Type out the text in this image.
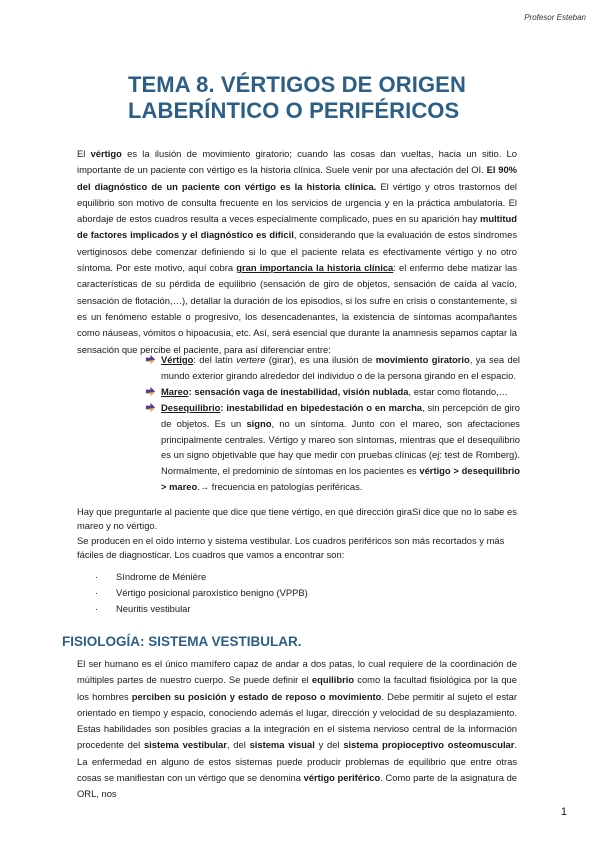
Profesor Esteban
TEMA 8. VÉRTIGOS DE ORIGEN
LABERÍNTICO O PERIFÉRICOS

El vértigo es la ilusión de movimiento giratorio; cuando las cosas dan vueltas, hacia un sitio. Lo importante de un paciente con vértigo es la historia clínica. Suele venir por una afectación del OI. El 90% del diagnóstico de un paciente con vértigo es la historia clínica. El vértigo y otros trastornos del equilibrio son motivo de consulta frecuente en los servicios de urgencia y en la práctica ambulatoria. El abordaje de estos cuadros resulta a veces especialmente complicado, pues en su aparición hay multitud de factores implicados y el diagnóstico es difícil, considerando que la evaluación de estos síndromes vertiginosos debe comenzar definiendo si lo que el paciente relata es efectivamente vértigo y no otro síntoma. Por este motivo, aquí cobra gran importancia la historia clínica: el enfermo debe matizar las características de su pérdida de equilibrio (sensación de giro de objetos, sensación de caída al vacío, sensación de flotación,…), detallar la duración de los episodios, si los sufre en crisis o constantemente, si es un fenómeno estable o progresivo, los desencadenantes, la existencia de síntomas acompañantes como náuseas, vómitos o hipoacusia, etc. Así, será esencial que durante la anamnesis sepamos captar la sensación que percibe el paciente, para así diferenciar entre:

Vértigo: del latín vertere (girar), es una ilusión de movimiento giratorio, ya sea del mundo exterior girando alrededor del individuo o de la persona girando en el espacio.
Mareo: sensación vaga de inestabilidad, visión nublada, estar como flotando,…
Desequilibrio: inestabilidad en bipedestación o en marcha, sin percepción de giro de objetos. Es un signo, no un síntoma. Junto con el mareo, son afectaciones principalmente centrales. Vértigo y mareo son síntomas, mientras que el desequilibrio es un signo objetivable que hay que medir con pruebas clínicas (ej: test de Romberg). Normalmente, el predominio de síntomas en los pacientes es vértigo > desequilibrio > mareo.→ frecuencia en patologías periféricas.
Hay que preguntarle al paciente que dice que tiene vértigo, en qué dirección giraSi dice que no lo sabe es mareo y no vértigo.
Se producen en el oído interno y sistema vestibular. Los cuadros periféricos son más recortados y más fáciles de diagnosticar. Los cuadros que vamos a encontrar son:
· Síndrome de Ménière
· Vértigo posicional paroxístico benigno (VPPB)
· Neuritis vestibular
FISIOLOGÍA: SISTEMA VESTIBULAR.

El ser humano es el único mamífero capaz de andar a dos patas, lo cual requiere de la coordinación de múltiples partes de nuestro cuerpo. Se puede definir el equilibrio como la facultad fisiológica por la que los hombres perciben su posición y estado de reposo o movimiento. Debe permitir al sujeto el estar orientado en tiempo y espacio, conociendo además el lugar, dirección y velocidad de su desplazamiento. Estas habilidades son posibles gracias a la integración en el sistema nervioso central de la información procedente del sistema vestibular, del sistema visual y del sistema propioceptivo osteomuscular. La enfermedad en alguno de estos sistemas puede producir problemas de equilibrio que entre otras cosas se manifiestan con un vértigo que se denomina vértigo periférico. Como parte de la asignatura de ORL, nos

1
